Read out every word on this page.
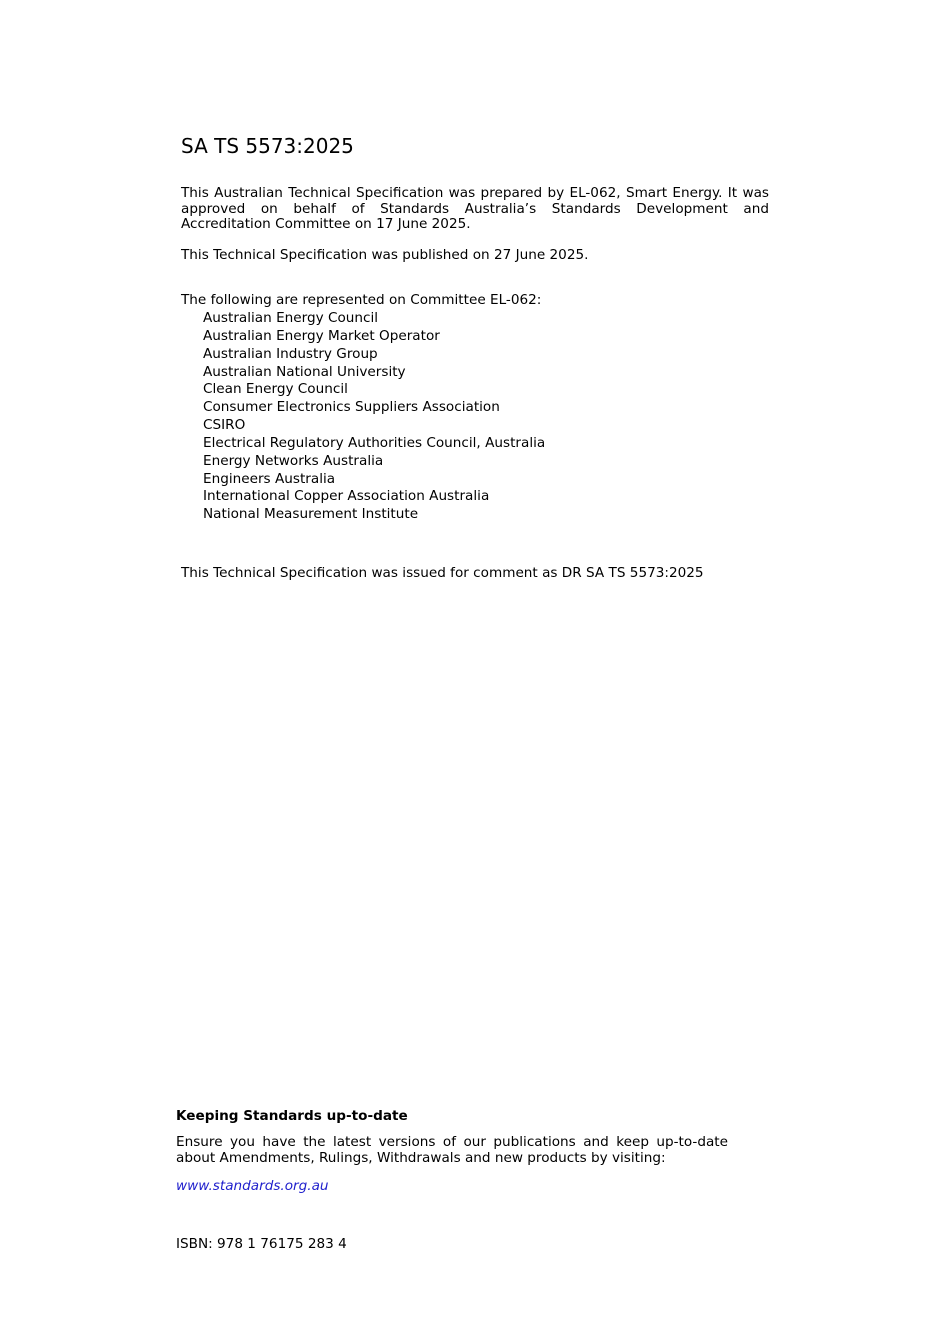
SA TS 5573:2025

This Australian Technical Specification was prepared by EL-062, Smart Energy. It was approved on behalf of Standards Australia’s Standards Development and Accreditation Committee on 17 June 2025.

This Technical Specification was published on 27 June 2025.

The following are represented on Committee EL-062:

Australian Energy Council
Australian Energy Market Operator
Australian Industry Group
Australian National University
Clean Energy Council
Consumer Electronics Suppliers Association
CSIRO
Electrical Regulatory Authorities Council, Australia
Energy Networks Australia
Engineers Australia
International Copper Association Australia
National Measurement Institute

This Technical Specification was issued for comment as DR SA TS 5573:2025

Keeping Standards up-to-date

Ensure you have the latest versions of our publications and keep up-to-date about Amendments, Rulings, Withdrawals and new products by visiting:

www.standards.org.au
ISBN: 978 1 76175 283 4
